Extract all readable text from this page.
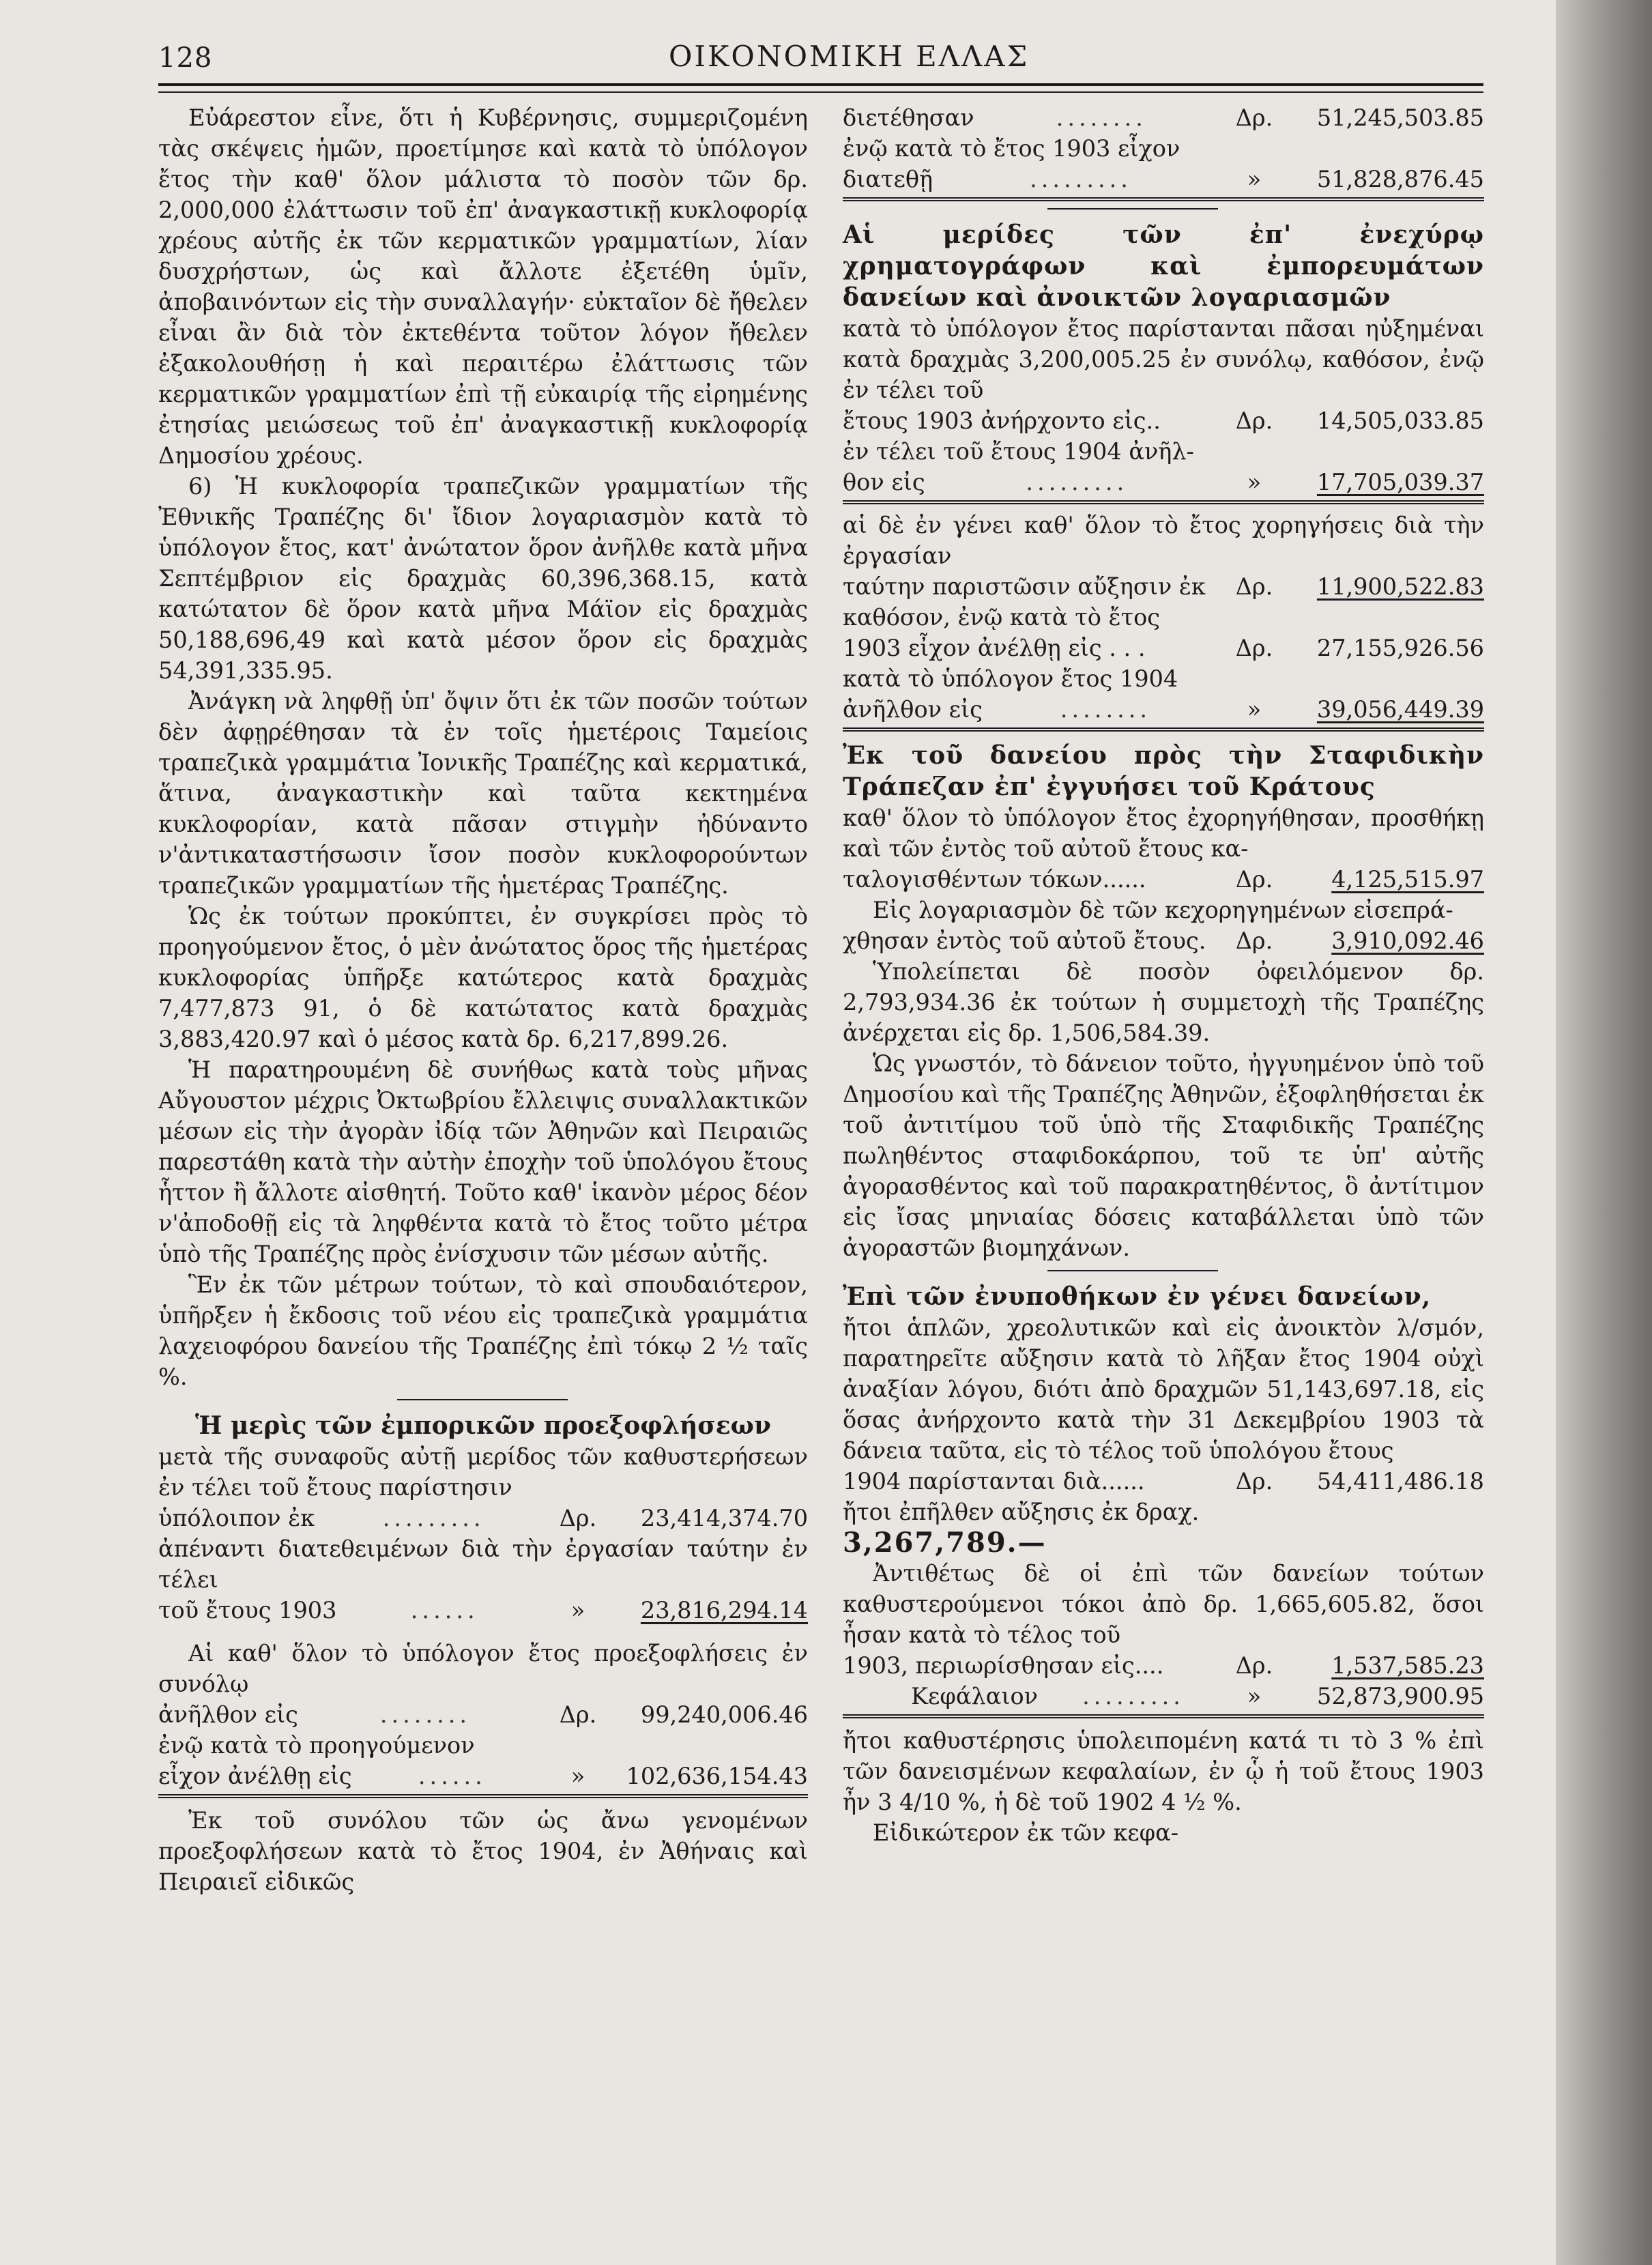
128	ΟΙΚΟΝΟΜΙΚΗ ΕΛΛΑΣ

Εὐάρεστον εἶνε, ὅτι ἡ Κυβέρνησις, συμμεριζομένη τὰς σκέψεις ἡμῶν, προετίμησε καὶ κατὰ τὸ ὑπόλογον ἔτος τὴν καθ' ὅλον μάλιστα τὸ ποσὸν τῶν δρ. 2,000,000 ἐλάττωσιν τοῦ ἐπ' ἀναγκαστικῇ κυκλοφορίᾳ χρέους αὐτῆς ἐκ τῶν κερματικῶν γραμματίων, λίαν δυσχρήστων, ὡς καὶ ἄλλοτε ἐξετέθη ὑμῖν, ἀποβαινόντων εἰς τὴν συναλλαγήν· εὐκταῖον δὲ ἤθελεν εἶναι ἂν διὰ τὸν ἐκτεθέντα τοῦτον λόγον ἤθελεν ἐξακολουθήσῃ ἡ καὶ περαιτέρω ἐλάττωσις τῶν κερματικῶν γραμματίων ἐπὶ τῇ εὐκαιρίᾳ τῆς εἰρημένης ἐτησίας μειώσεως τοῦ ἐπ' ἀναγκαστικῇ κυκλοφορίᾳ Δημοσίου χρέους.

6) Ἡ κυκλοφορία τραπεζικῶν γραμματίων τῆς Ἐθνικῆς Τραπέζης δι' ἴδιον λογαριασμὸν κατὰ τὸ ὑπόλογον ἔτος, κατ' ἀνώτατον ὅρον ἀνῆλθε κατὰ μῆνα Σεπτέμβριον εἰς δραχμὰς 60,396,368.15, κατὰ κατώτατον δὲ ὅρον κατὰ μῆνα Μάϊον εἰς δραχμὰς 50,188,696,49 καὶ κατὰ μέσον ὅρον εἰς δραχμὰς 54,391,335.95.

Ἀνάγκη νὰ ληφθῇ ὑπ' ὄψιν ὅτι ἐκ τῶν ποσῶν τούτων δὲν ἀφῃρέθησαν τὰ ἐν τοῖς ἡμετέροις Ταμείοις τραπεζικὰ γραμμάτια Ἰονικῆς Τραπέζης καὶ κερματικά, ἅτινα, ἀναγκαστικὴν καὶ ταῦτα κεκτημένα κυκλοφορίαν, κατὰ πᾶσαν στιγμὴν ἠδύναντο ν'ἀντικαταστήσωσιν ἴσον ποσὸν κυκλοφορούντων τραπεζικῶν γραμματίων τῆς ἡμετέρας Τραπέζης.

Ὡς ἐκ τούτων προκύπτει, ἐν συγκρίσει πρὸς τὸ προηγούμενον ἔτος, ὁ μὲν ἀνώτατος ὅρος τῆς ἡμετέρας κυκλοφορίας ὑπῆρξε κατώτερος κατὰ δραχμὰς 7,477,873 91, ὁ δὲ κατώτατος κατὰ δραχμὰς 3,883,420.97 καὶ ὁ μέσος κατὰ δρ. 6,217,899.26.

Ἡ παρατηρουμένη δὲ συνήθως κατὰ τοὺς μῆνας Αὔγουστον μέχρις Ὀκτωβρίου ἔλλειψις συναλλακτικῶν μέσων εἰς τὴν ἀγορὰν ἰδίᾳ τῶν Ἀθηνῶν καὶ Πειραιῶς παρεστάθη κατὰ τὴν αὐτὴν ἐποχὴν τοῦ ὑπολόγου ἔτους ἧττον ἢ ἄλλοτε αἰσθητή. Τοῦτο καθ' ἱκανὸν μέρος δέον ν'ἀποδοθῇ εἰς τὰ ληφθέντα κατὰ τὸ ἔτος τοῦτο μέτρα ὑπὸ τῆς Τραπέζης πρὸς ἐνίσχυσιν τῶν μέσων αὐτῆς.

Ἓν ἐκ τῶν μέτρων τούτων, τὸ καὶ σπουδαιότερον, ὑπῆρξεν ἡ ἔκδοσις τοῦ νέου εἰς τραπεζικὰ γραμμάτια λαχειοφόρου δανείου τῆς Τραπέζης ἐπὶ τόκῳ 2 ½ ταῖς %.

Ἡ μερὶς τῶν ἐμπορικῶν προεξοφλήσεων

μετὰ τῆς συναφοῦς αὐτῇ μερίδος τῶν καθυστερήσεων ἐν τέλει τοῦ ἔτους παρίστησιν

ὑπόλοιπον ἐκ	.........	Δρ.	23,414,374.70

ἀπέναντι διατεθειμένων διὰ τὴν ἐργασίαν ταύτην ἐν τέλει

τοῦ ἔτους 1903	......	»	23,816,294.14

Αἱ καθ' ὅλον τὸ ὑπόλογον ἔτος προεξοφλήσεις ἐν συνόλῳ

ἀνῆλθον εἰς	........	Δρ.	99,240,006.46

ἐνῷ κατὰ τὸ προηγούμενον

εἶχον ἀνέλθῃ εἰς	......	»	102,636,154.43

Ἐκ τοῦ συνόλου τῶν ὡς ἄνω γενομένων προεξοφλήσεων κατὰ τὸ ἔτος 1904, ἐν Ἀθήναις καὶ Πειραιεῖ εἰδικῶς

διετέθησαν	........	Δρ.	51,245,503.85

ἐνῷ κατὰ τὸ ἔτος 1903 εἶχον

διατεθῇ	.........	»	51,828,876.45

Αἱ μερίδες τῶν ἐπ' ἐνεχύρῳ χρηματογράφων καὶ ἐμπορευμάτων δανείων καὶ ἀνοικτῶν λογαριασμῶν

κατὰ τὸ ὑπόλογον ἔτος παρίστανται πᾶσαι ηὐξημέναι κατὰ δραχμὰς 3,200,005.25 ἐν συνόλῳ, καθόσον, ἐνῷ ἐν τέλει τοῦ

ἔτους 1903 ἀνήρχοντο εἰς..	Δρ.	14,505,033.85

ἐν τέλει τοῦ ἔτους 1904 ἀνῆλ-

θον εἰς	.........	»	17,705,039.37

αἱ δὲ ἐν γένει καθ' ὅλον τὸ ἔτος χορηγήσεις διὰ τὴν ἐργασίαν

ταύτην παριστῶσιν αὔξησιν ἐκ	Δρ.	11,900,522.83

καθόσον, ἐνῷ κατὰ τὸ ἔτος

1903 εἶχον ἀνέλθῃ εἰς . . .	Δρ.	27,155,926.56

κατὰ τὸ ὑπόλογον ἔτος 1904

ἀνῆλθον εἰς	........	»	39,056,449.39

Ἐκ τοῦ δανείου πρὸς τὴν Σταφιδικὴν Τράπεζαν ἐπ' ἐγγυήσει τοῦ Κράτους

καθ' ὅλον τὸ ὑπόλογον ἔτος ἐχορηγήθησαν, προσθήκῃ καὶ τῶν ἐντὸς τοῦ αὐτοῦ ἔτους κα-

ταλογισθέντων τόκων......	Δρ.	4,125,515.97

Εἰς λογαριασμὸν δὲ τῶν κεχορηγημένων εἰσεπρά-

χθησαν ἐντὸς τοῦ αὐτοῦ ἔτους.	Δρ.	3,910,092.46

Ὑπολείπεται δὲ ποσὸν ὀφειλόμενον δρ. 2,793,934.36 ἐκ τούτων ἡ συμμετοχὴ τῆς Τραπέζης ἀνέρχεται εἰς δρ. 1,506,584.39.

Ὡς γνωστόν, τὸ δάνειον τοῦτο, ἠγγυημένον ὑπὸ τοῦ Δημοσίου καὶ τῆς Τραπέζης Ἀθηνῶν, ἐξοφληθήσεται ἐκ τοῦ ἀντιτίμου τοῦ ὑπὸ τῆς Σταφιδικῆς Τραπέζης πωληθέντος σταφιδοκάρπου, τοῦ τε ὑπ' αὐτῆς ἀγορασθέντος καὶ τοῦ παρακρατηθέντος, ὃ ἀντίτιμον εἰς ἴσας μηνιαίας δόσεις καταβάλλεται ὑπὸ τῶν ἀγοραστῶν βιομηχάνων.

Ἐπὶ τῶν ἐνυποθήκων ἐν γένει δανείων,

ἤτοι ἁπλῶν, χρεολυτικῶν καὶ εἰς ἀνοικτὸν λ/σμόν, παρατηρεῖτε αὔξησιν κατὰ τὸ λῆξαν ἔτος 1904 οὐχὶ ἀναξίαν λόγου, διότι ἀπὸ δραχμῶν 51,143,697.18, εἰς ὅσας ἀνήρχοντο κατὰ τὴν 31 Δεκεμβρίου 1903 τὰ δάνεια ταῦτα, εἰς τὸ τέλος τοῦ ὑπολόγου ἔτους

1904 παρίστανται διὰ......	Δρ.	54,411,486.18

ἤτοι ἐπῆλθεν αὔξησις ἐκ δραχ.

3,267,789.—

Ἀντιθέτως δὲ οἱ ἐπὶ τῶν δανείων τούτων καθυστερούμενοι τόκοι ἀπὸ δρ. 1,665,605.82, ὅσοι ἦσαν κατὰ τὸ τέλος τοῦ

1903, περιωρίσθησαν εἰς....	Δρ.	1,537,585.23
Κεφάλαιον	.........	»	52,873,900.95

ἤτοι καθυστέρησις ὑπολειπομένη κατά τι τὸ 3 % ἐπὶ τῶν δανεισμένων κεφαλαίων, ἐν ᾧ ἡ τοῦ ἔτους 1903 ἦν 3 4/10 %, ἡ δὲ τοῦ 1902 4 ½ %.

Εἰδικώτερον ἐκ τῶν κεφα-
